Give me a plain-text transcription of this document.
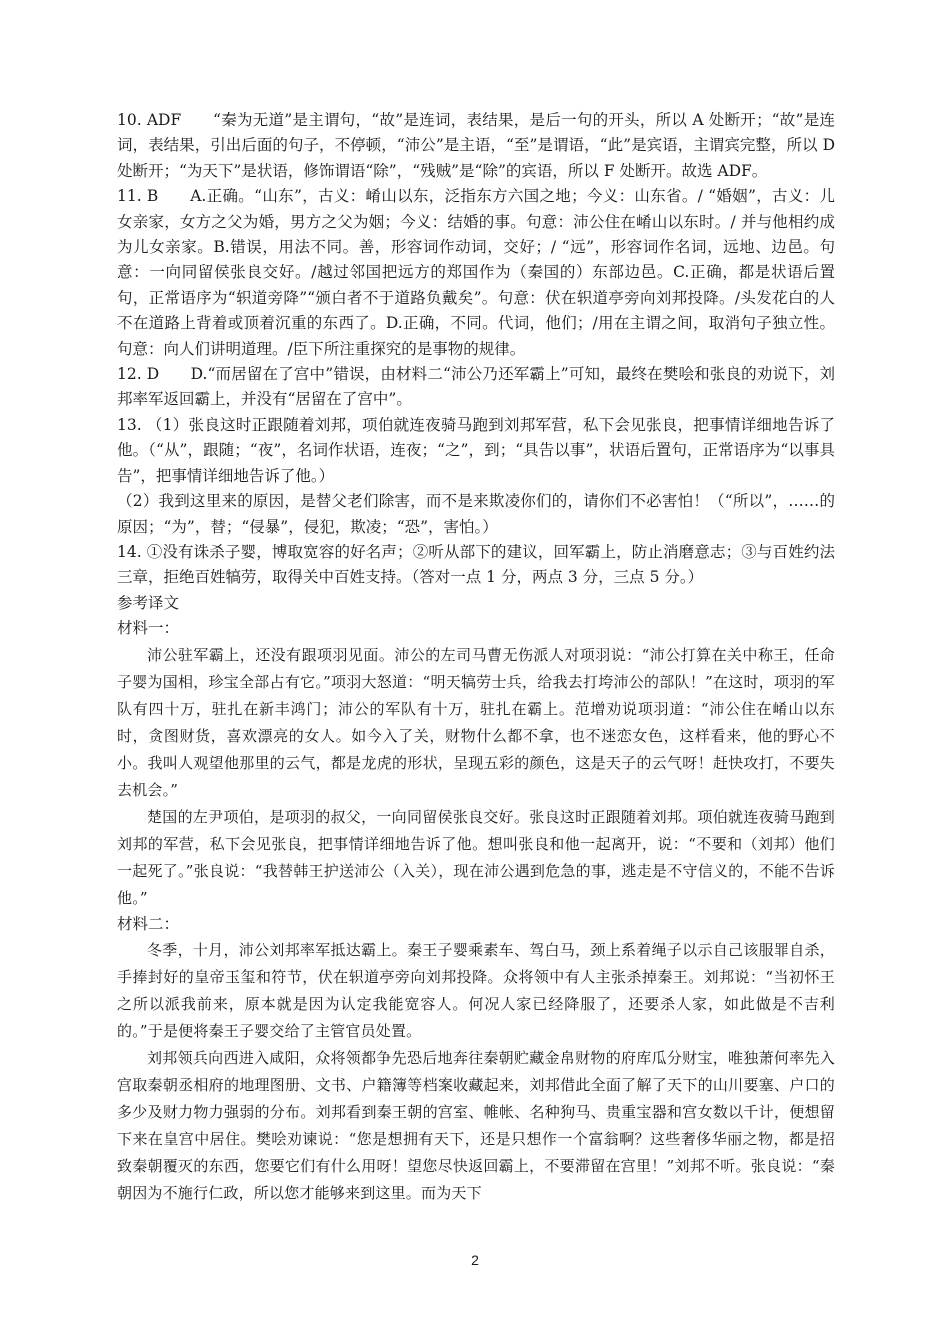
10. ADF　　“秦为无道”是主谓句，“故”是连词，表结果，是后一句的开头，所以 A 处断开；“故”是连词，表结果，引出后面的句子，不停顿，“沛公”是主语，“至”是谓语，“此”是宾语，主谓宾完整，所以 D 处断开；“为天下”是状语，修饰谓语“除”，“残贼”是“除”的宾语，所以 F 处断开。故选 ADF。

11. B　　A.正确。“山东”，古义：崤山以东，泛指东方六国之地；今义：山东省。/ “婚姻”，古义：儿女亲家，女方之父为婚，男方之父为姻；今义：结婚的事。句意：沛公住在崤山以东时。/ 并与他相约成为儿女亲家。B.错误，用法不同。善，形容词作动词，交好；/ “远”，形容词作名词，远地、边邑。句意：一向同留侯张良交好。/越过邻国把远方的郑国作为（秦国的）东部边邑。C.正确，都是状语后置句，正常语序为“轵道旁降”“颁白者不于道路负戴矣”。句意：伏在轵道亭旁向刘邦投降。/头发花白的人不在道路上背着或顶着沉重的东西了。D.正确，不同。代词，他们；/用在主谓之间，取消句子独立性。句意：向人们讲明道理。/臣下所注重探究的是事物的规律。

12. D　　D.“而居留在了宫中”错误，由材料二“沛公乃还军霸上”可知，最终在樊哙和张良的劝说下，刘邦率军返回霸上，并没有“居留在了宫中”。

13. （1）张良这时正跟随着刘邦，项伯就连夜骑马跑到刘邦军营，私下会见张良，把事情详细地告诉了他。（“从”，跟随；“夜”，名词作状语，连夜；“之”，到；“具告以事”，状语后置句，正常语序为“以事具告”，把事情详细地告诉了他。）

（2）我到这里来的原因，是替父老们除害，而不是来欺凌你们的，请你们不必害怕！（“所以”，……的原因；“为”，替；“侵暴”，侵犯，欺凌；“恐”，害怕。）

14. ①没有诛杀子婴，博取宽容的好名声；②听从部下的建议，回军霸上，防止消磨意志；③与百姓约法三章，拒绝百姓犒劳，取得关中百姓支持。（答对一点 1 分，两点 3 分，三点 5 分。）

参考译文

材料一：

沛公驻军霸上，还没有跟项羽见面。沛公的左司马曹无伤派人对项羽说：“沛公打算在关中称王，任命子婴为国相，珍宝全部占有它。”项羽大怒道：“明天犒劳士兵，给我去打垮沛公的部队！”在这时，项羽的军队有四十万，驻扎在新丰鸿门；沛公的军队有十万，驻扎在霸上。范增劝说项羽道：“沛公住在崤山以东时，贪图财货，喜欢漂亮的女人。如今入了关，财物什么都不拿，也不迷恋女色，这样看来，他的野心不小。我叫人观望他那里的云气，都是龙虎的形状，呈现五彩的颜色，这是天子的云气呀！赶快攻打，不要失去机会。”

楚国的左尹项伯，是项羽的叔父，一向同留侯张良交好。张良这时正跟随着刘邦。项伯就连夜骑马跑到刘邦的军营，私下会见张良，把事情详细地告诉了他。想叫张良和他一起离开，说：“不要和（刘邦）他们一起死了。”张良说：“我替韩王护送沛公（入关），现在沛公遇到危急的事，逃走是不守信义的，不能不告诉他。”

材料二：

冬季，十月，沛公刘邦率军抵达霸上。秦王子婴乘素车、驾白马，颈上系着绳子以示自己该服罪自杀，手捧封好的皇帝玉玺和符节，伏在轵道亭旁向刘邦投降。众将领中有人主张杀掉秦王。刘邦说：“当初怀王之所以派我前来，原本就是因为认定我能宽容人。何况人家已经降服了，还要杀人家，如此做是不吉利的。”于是便将秦王子婴交给了主管官员处置。

刘邦领兵向西进入咸阳，众将领都争先恐后地奔往秦朝贮藏金帛财物的府库瓜分财宝，唯独萧何率先入宫取秦朝丞相府的地理图册、文书、户籍簿等档案收藏起来，刘邦借此全面了解了天下的山川要塞、户口的多少及财力物力强弱的分布。刘邦看到秦王朝的宫室、帷帐、名种狗马、贵重宝器和宫女数以千计，便想留下来在皇宫中居住。樊哙劝谏说：“您是想拥有天下，还是只想作一个富翁啊？这些奢侈华丽之物，都是招致秦朝覆灭的东西，您要它们有什么用呀！望您尽快返回霸上，不要滞留在宫里！”刘邦不听。张良说：“秦朝因为不施行仁政，所以您才能够来到这里。而为天下

2
